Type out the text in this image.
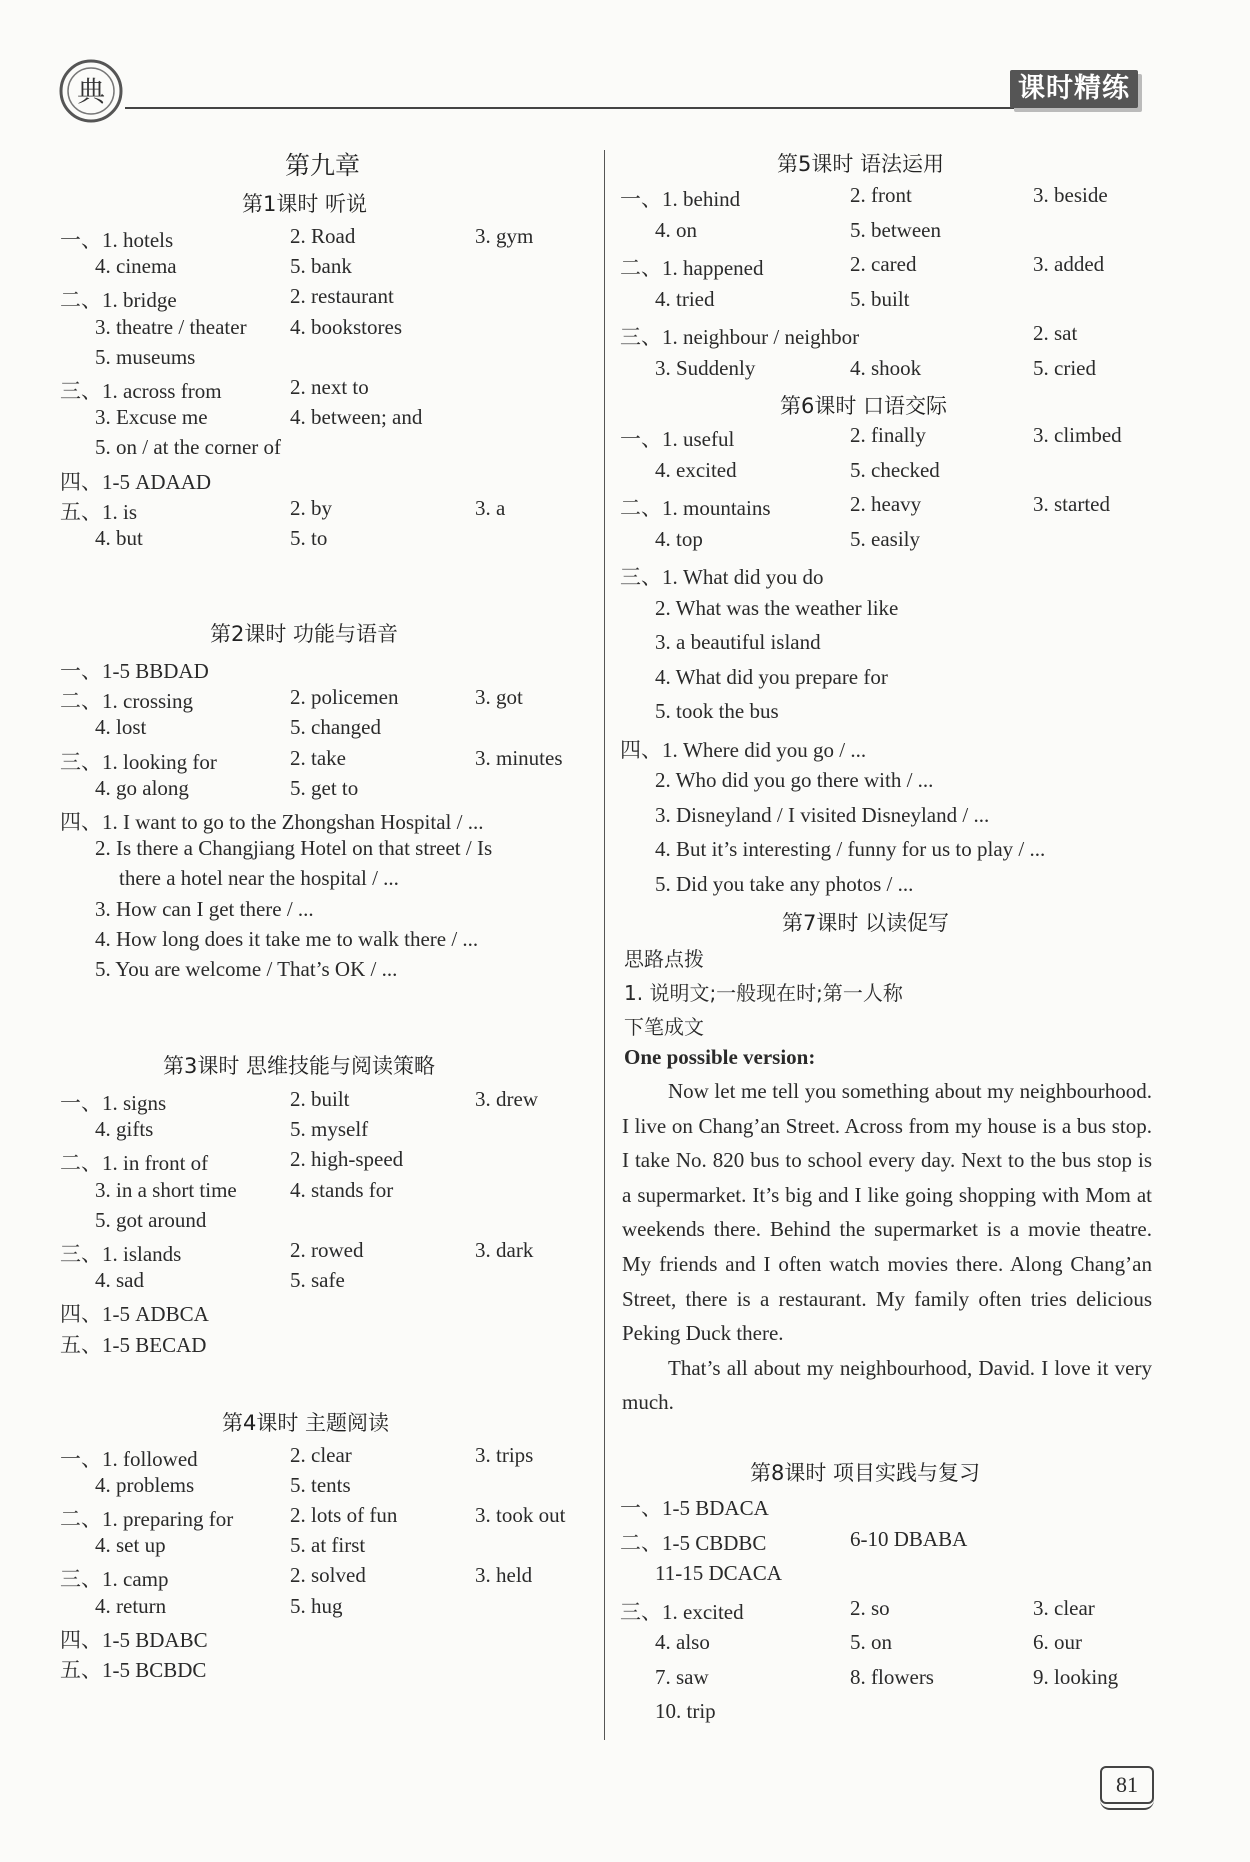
典	课时精练
第九章
第1课时 听说
一、1. hotels	2. Road	3. gym
4. cinema	5. bank
二、1. bridge	2. restaurant
3. theatre / theater 4. bookstores
5. museums
三、1. across from	2. next to
3. Excuse me	4. between; and
5. on / at the corner of
四、1-5 ADAAD
五、1. is	2. by	3. a
4. but	5. to
第2课时 功能与语音
一、1-5 BBDAD
二、1. crossing	2. policemen	3. got
4. lost	5. changed
三、1. looking for	2. take	3. minutes
4. go along	5. get to
四、1. I want to go to the Zhongshan Hospital / ...
2. Is there a Changjiang Hotel on that street / Is
there a hotel near the hospital / ...
3. How can I get there / ...
4. How long does it take me to walk there / ...
5. You are welcome / That’s OK / ...
第3课时 思维技能与阅读策略
一、1. signs	2. built	3. drew
4. gifts	5. myself
二、1. in front of	2. high-speed
3. in a short time	4. stands for
5. got around
三、1. islands	2. rowed	3. dark
4. sad	5. safe
四、1-5 ADBCA
五、1-5 BECAD
第4课时 主题阅读
一、1. followed	2. clear	3. trips
4. problems	5. tents
二、1. preparing for	2. lots of fun	3. took out
4. set up	5. at first
三、1. camp	2. solved	3. held
4. return	5. hug
四、1-5 BDABC
五、1-5 BCBDC
第5课时 语法运用
一、1. behind	2. front	3. beside
4. on	5. between
二、1. happened	2. cared	3. added
4. tried	5. built
三、1. neighbour / neighbor	2. sat
3. Suddenly	4. shook	5. cried
第6课时 口语交际
一、1. useful	2. finally	3. climbed
4. excited	5. checked
二、1. mountains	2. heavy	3. started
4. top	5. easily
三、1. What did you do
2. What was the weather like
3. a beautiful island
4. What did you prepare for
5. took the bus
四、1. Where did you go / ...
2. Who did you go there with / ...
3. Disneyland / I visited Disneyland / ...
4. But it’s interesting / funny for us to play / ...
5. Did you take any photos / ...
第7课时 以读促写
思路点拨
1. 说明文;一般现在时;第一人称
下笔成文
One possible version:

Now let me tell you something about my neighbourhood. I live on Chang’an Street. Across from my house is a bus stop. I take No. 820 bus to school every day. Next to the bus stop is a supermarket. It’s big and I like going shopping with Mom at weekends there. Behind the supermarket is a movie theatre. My friends and I often watch movies there. Along Chang’an Street, there is a restaurant. My family often tries delicious Peking Duck there.

That’s all about my neighbourhood, David. I love it very much.

第8课时 项目实践与复习
一、1-5 BDACA
二、1-5 CBDBC	6-10 DBABA
11-15 DCACA
三、1. excited	2. so	3. clear
4. also	5. on	6. our
7. saw	8. flowers	9. looking
10. trip
81
